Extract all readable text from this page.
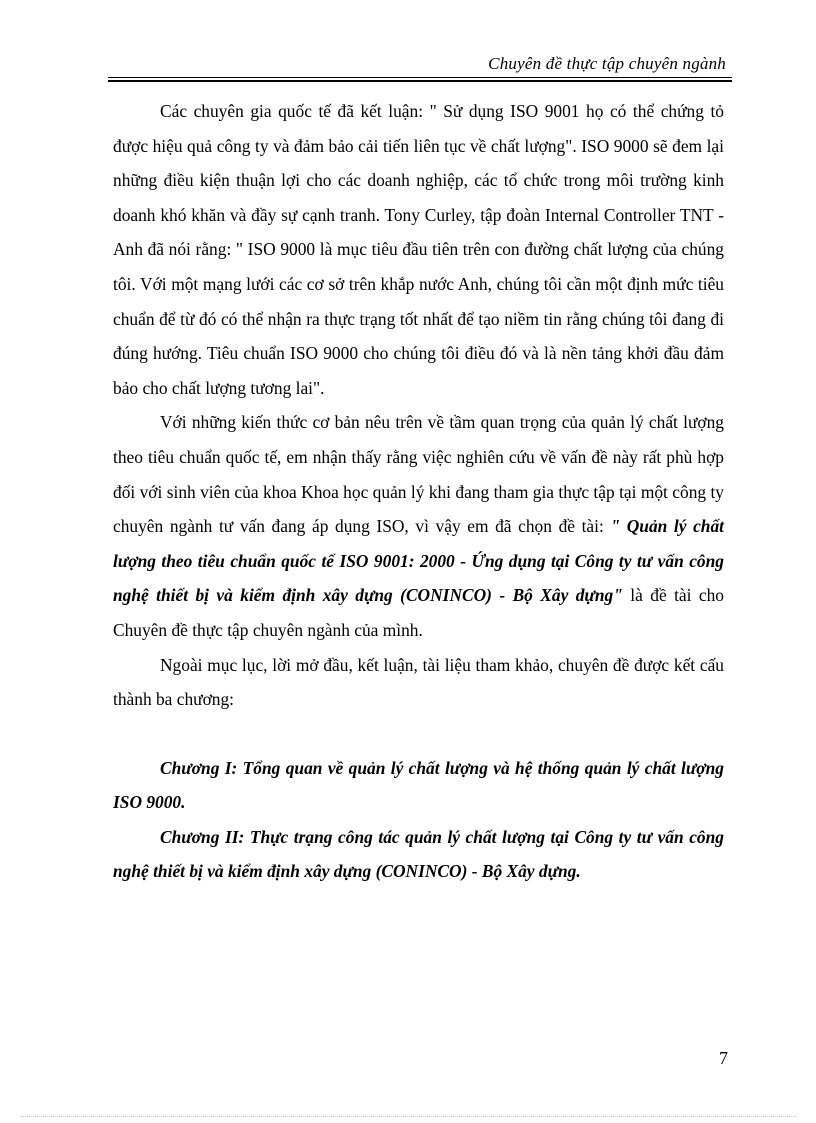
Chuyên đề thực tập chuyên ngành

Các chuyên gia quốc tế đã kết luận: " Sử dụng ISO 9001 họ có thể chứng tỏ được hiệu quả công ty và đảm bảo cải tiến liên tục về chất lượng". ISO 9000 sẽ đem lại những điều kiện thuận lợi cho các doanh nghiệp, các tổ chức trong môi trường kinh doanh khó khăn và đầy sự cạnh tranh. Tony Curley, tập đoàn Internal Controller TNT - Anh đã nói rằng: " ISO 9000 là mục tiêu đầu tiên trên con đường chất lượng của chúng tôi. Với một mạng lưới các cơ sở trên khắp nước Anh, chúng tôi cần một định mức tiêu chuẩn để từ đó có thể nhận ra thực trạng tốt nhất để tạo niềm tin rằng chúng tôi đang đi đúng hướng. Tiêu chuẩn ISO 9000 cho chúng tôi điều đó và là nền tảng khởi đầu đảm bảo cho chất lượng tương lai".

Với những kiến thức cơ bản nêu trên về tầm quan trọng của quản lý chất lượng theo tiêu chuẩn quốc tế, em nhận thấy rằng việc nghiên cứu về vấn đề này rất phù hợp đối với sinh viên của khoa Khoa học quản lý khi đang tham gia thực tập tại một công ty chuyên ngành tư vấn đang áp dụng ISO, vì vậy em đã chọn đề tài: " Quản lý chất lượng theo tiêu chuẩn quốc tế ISO 9001: 2000 - Ứng dụng tại Công ty tư vấn công nghệ thiết bị và kiểm định xây dựng (CONINCO) - Bộ Xây dựng" là đề tài cho Chuyên đề thực tập chuyên ngành của mình.

Ngoài mục lục, lời mở đầu, kết luận, tài liệu tham khảo, chuyên đề được kết cấu thành ba chương:

Chương I: Tổng quan về quản lý chất lượng và hệ thống quản lý chất lượng ISO 9000.

Chương II: Thực trạng công tác quản lý chất lượng tại Công ty tư vấn công nghệ thiết bị và kiểm định xây dựng (CONINCO) - Bộ Xây dựng.

7
